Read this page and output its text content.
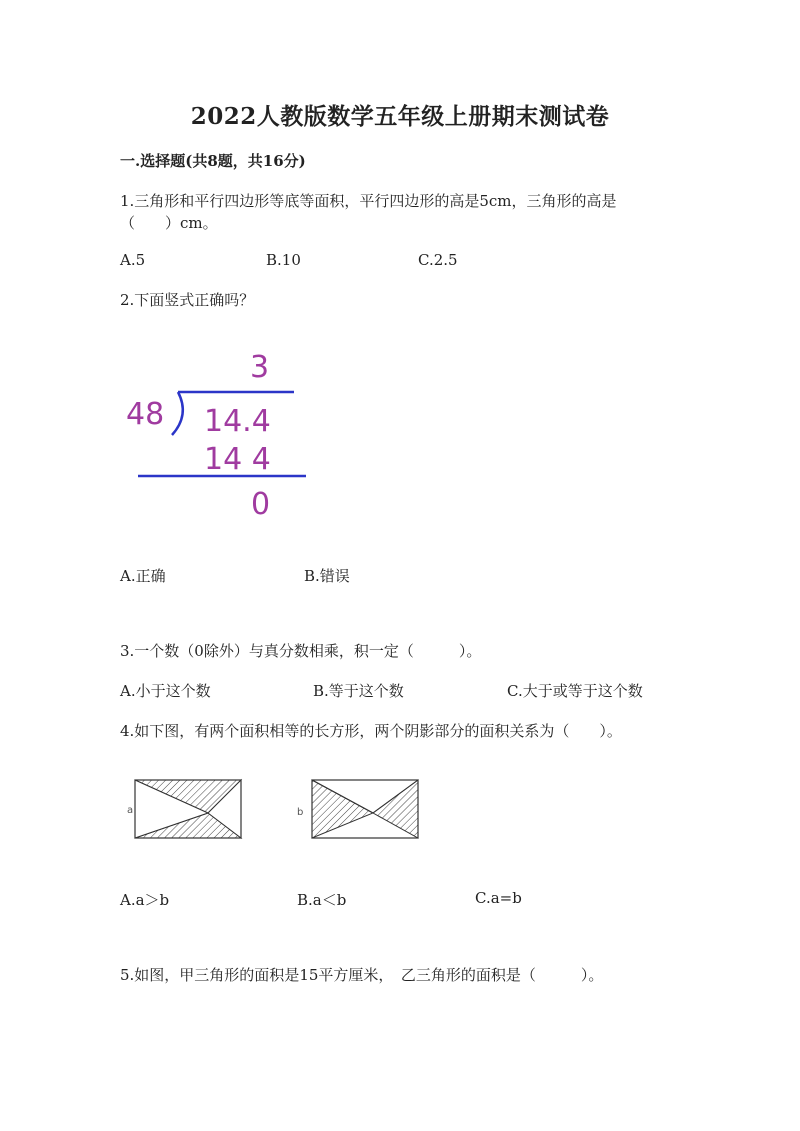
2022人教版数学五年级上册期末测试卷
一.选择题(共8题，共16分)
1.三角形和平行四边形等底等面积，平行四边形的高是5cm，三角形的高是
（　　）cm。
A.5	B.10	C.2.5
2.下面竖式正确吗？
3
48 14.4
14 4
0
A.正确	B.错误
3.一个数（0除外）与真分数相乘，积一定（　　　）。
A.小于这个数	B.等于这个数	C.大于或等于这个数
4.如下图，有两个面积相等的长方形，两个阴影部分的面积关系为（　　）。
a	b
A.a＞b	B.a＜b	C.a=b
5.如图，甲三角形的面积是15平方厘米，　乙三角形的面积是（　　　）。
